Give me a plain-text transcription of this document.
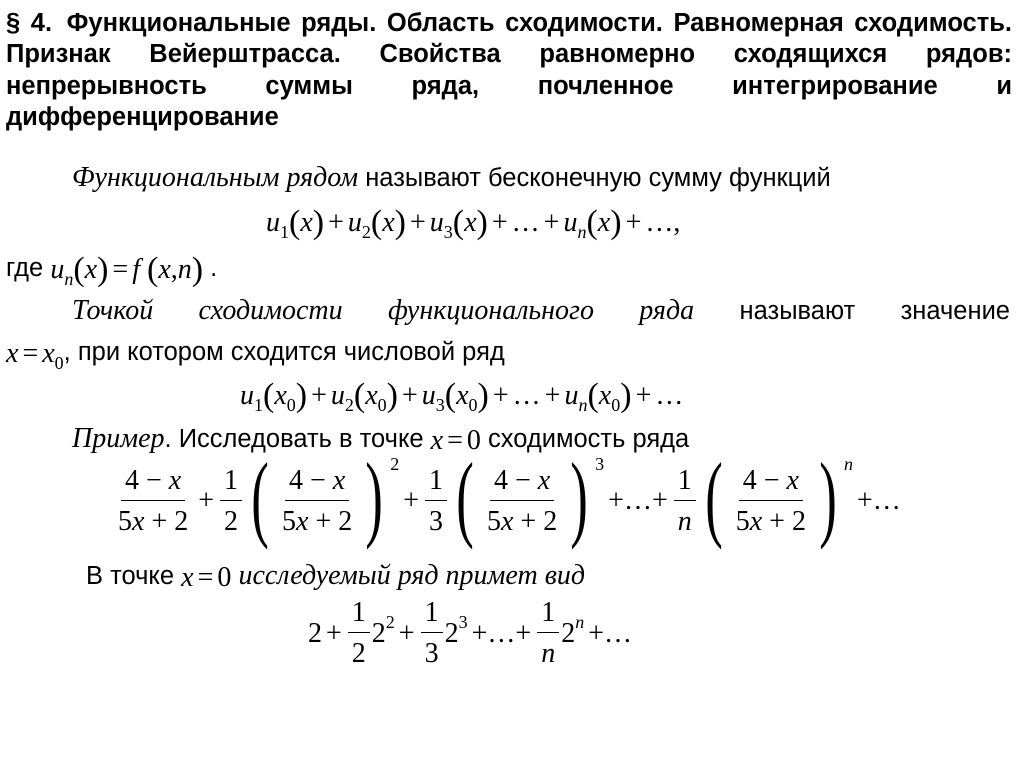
§ 4. Функциональные ряды. Область сходимости. Равномерная сходимость. Признак Вейерштрасса. Свойства равномерно сходящихся рядов: непрерывность суммы ряда, почленное интегрирование и дифференцирование
Функциональным рядом называют бесконечную сумму функций
$u_1(x) + u_2(x) + u_3(x)$ + … + $u_n(x)$ + …,
где $u_n(x) = f$ (x,n) .
Точкой сходимости функционального ряда называют значение
$x = x_0$, при котором сходится числовой ряд
$u_1(x_0) + u_2(x_0) + u_3(x_0)$ + … + $u_n(x_0)$ + …
Пример. Исследовать в точке x = 0 сходимость ряда
$\frac{4 - x}{5x + 2} + \frac{1}{2}$ ( $\frac{4 - x}{5x + 2}$ ) 2
+ $\frac{1}{3}$ ( $\frac{4 - x}{5x + 2}$ ) 3
+…+ $\frac{1}{n}$ ( $\frac{4 - x}{5x + 2}$ ) n
+…
В точке x = 0 исследуемый ряд примет вид
$2 + \frac{1}{2} 2^2 + \frac{1}{3} 2^3$ +…+ $\frac{1}{n} 2^n$ +…
